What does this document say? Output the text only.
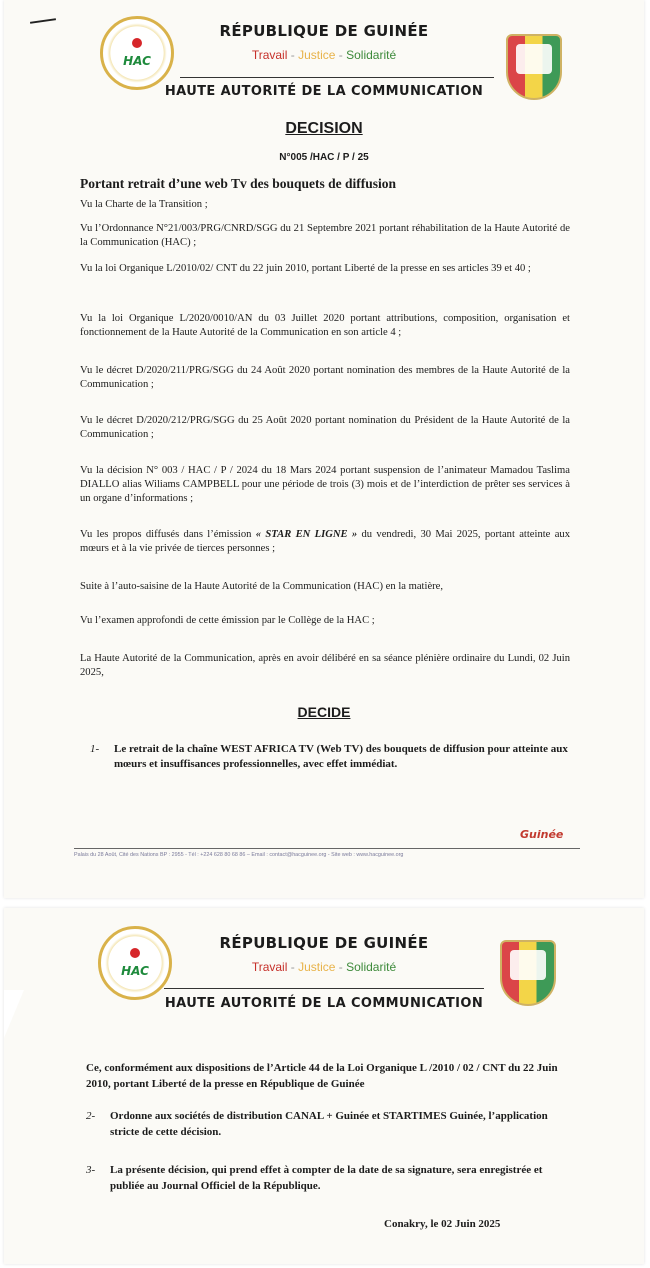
HAC
RÉPUBLIQUE DE GUINÉE
Travail - Justice - Solidarité
HAUTE AUTORITÉ DE LA COMMUNICATION
DECISION
N°005 /HAC / P / 25
Portant retrait d’une web Tv des bouquets de diffusion
Vu la Charte de la Transition ;
Vu l’Ordonnance N°21/003/PRG/CNRD/SGG du 21 Septembre 2021 portant réhabilitation de la Haute Autorité de la Communication (HAC) ;
Vu la loi Organique L/2010/02/ CNT du 22 juin 2010, portant Liberté de la presse en ses articles 39 et 40 ;
Vu la loi Organique L/2020/0010/AN du 03 Juillet 2020 portant attributions, composition, organisation et fonctionnement de la Haute Autorité de la Communication en son article 4 ;
Vu le décret D/2020/211/PRG/SGG du 24 Août 2020 portant nomination des membres de la Haute Autorité de la Communication ;
Vu le décret D/2020/212/PRG/SGG du 25 Août 2020 portant nomination du Président de la Haute Autorité de la Communication ;
Vu la décision N° 003 / HAC / P / 2024 du 18 Mars 2024 portant suspension de l’animateur Mamadou Taslima DIALLO alias Wiliams CAMPBELL pour une période de trois (3) mois et de l’interdiction de prêter ses services à un organe d’informations ;
Vu les propos diffusés dans l’émission « STAR EN LIGNE » du vendredi, 30 Mai 2025, portant atteinte aux mœurs et à la vie privée de tierces personnes ;
Suite à l’auto-saisine de la Haute Autorité de la Communication (HAC) en la matière,
Vu l’examen approfondi de cette émission par le Collège de la HAC ;
La Haute Autorité de la Communication, après en avoir délibéré en sa séance plénière ordinaire du Lundi, 02 Juin 2025,
DECIDE
1- Le retrait de la chaîne WEST AFRICA TV (Web TV) des bouquets de diffusion pour atteinte aux mœurs et insuffisances professionnelles, avec effet immédiat.
Guinée
Palais du 28 Août, Cité des Nations BP : 2955 - Tél : +224 628 80 68 86 – Email : contact@hacguinee.org - Site web : www.hacguinee.org
HAC
RÉPUBLIQUE DE GUINÉE
Travail - Justice - Solidarité
HAUTE AUTORITÉ DE LA COMMUNICATION
Ce, conformément aux dispositions de l’Article 44 de la Loi Organique L /2010 / 02 / CNT du 22 Juin 2010, portant Liberté de la presse en République de Guinée
2- Ordonne aux sociétés de distribution CANAL + Guinée et STARTIMES Guinée, l’application stricte de cette décision.
3- La présente décision, qui prend effet à compter de la date de sa signature, sera enregistrée et publiée au Journal Officiel de la République.
Conakry, le 02 Juin 2025
